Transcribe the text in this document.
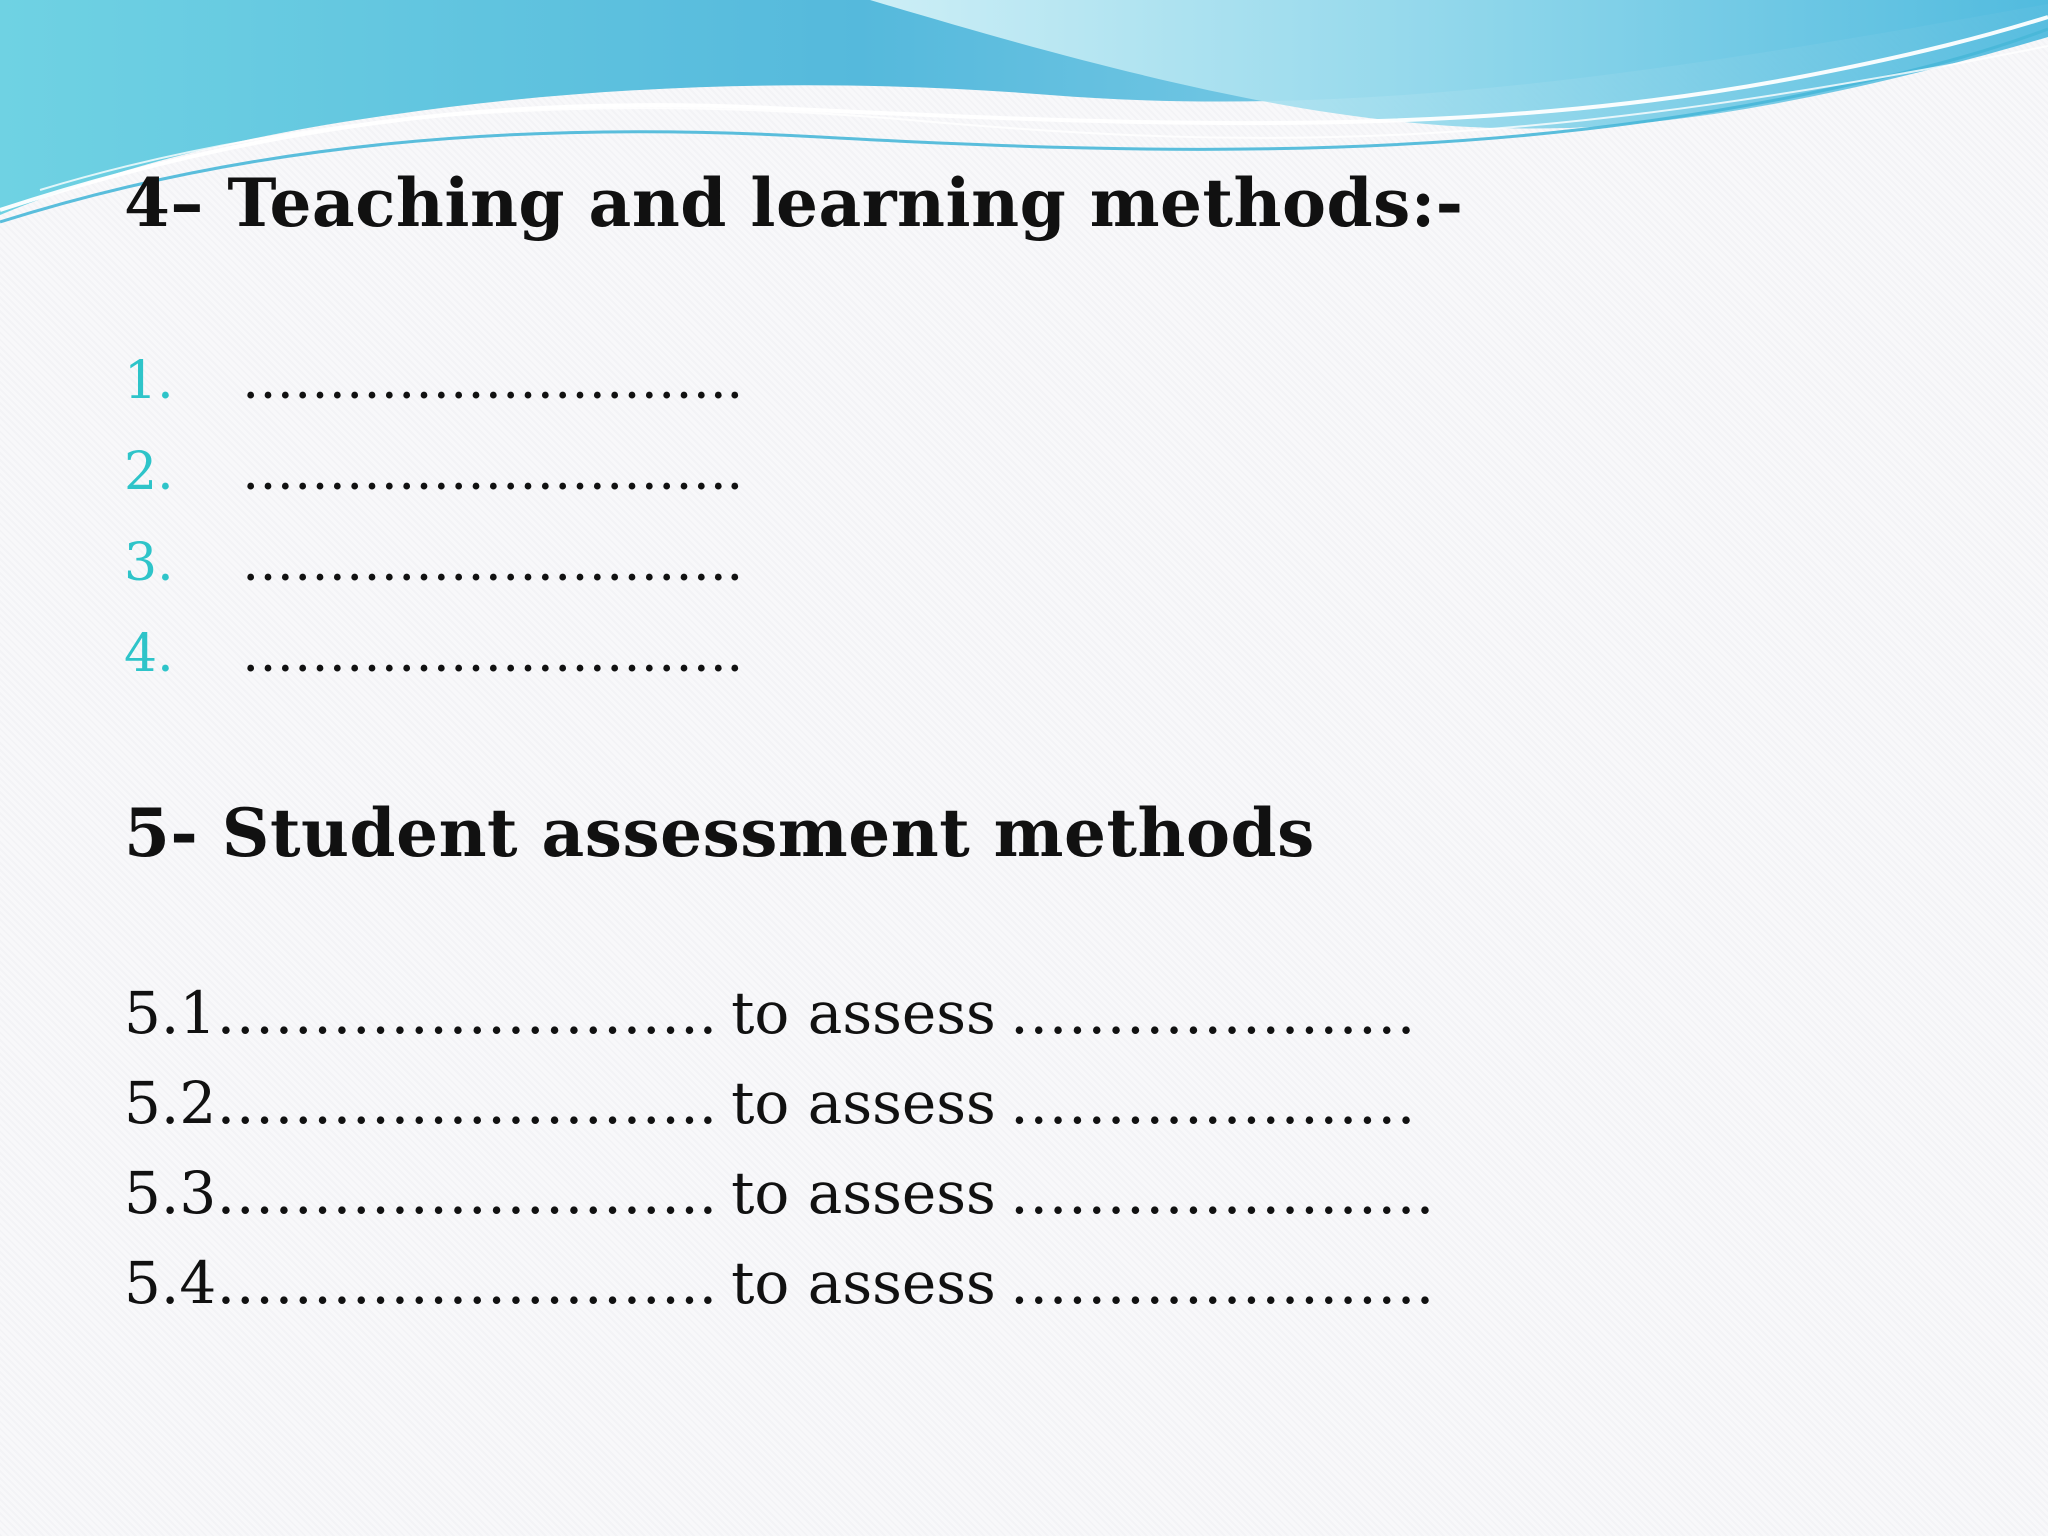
4– Teaching and learning methods:-
1.	………………………..
2.	………………………..
3.	………………………..
4.	………………………..
5- Student assessment methods
5.1 …………………….. to assess …………………
5.2 …………………….. to assess …………………
5.3 …………………….. to assess ………………….
5.4 …………………….. to assess ………………….
